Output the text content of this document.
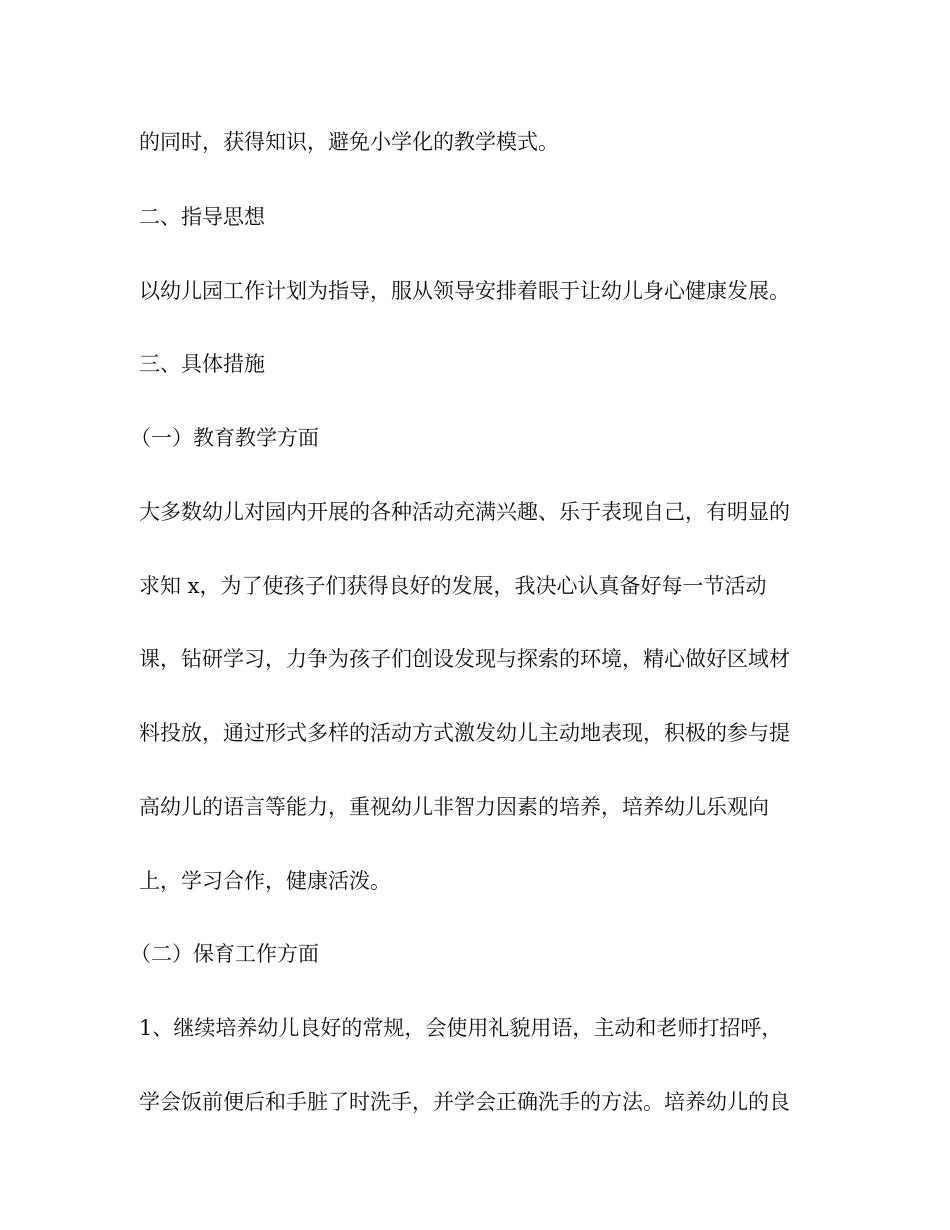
的同时，获得知识，避免小学化的教学模式。

二、指导思想

以幼儿园工作计划为指导，服从领导安排着眼于让幼儿身心健康发展。

三、具体措施

（一）教育教学方面

大多数幼儿对园内开展的各种活动充满兴趣、乐于表现自己，有明显的

求知 x，为了使孩子们获得良好的发展，我决心认真备好每一节活动

课，钻研学习，力争为孩子们创设发现与探索的环境，精心做好区域材

料投放，通过形式多样的活动方式激发幼儿主动地表现，积极的参与提

高幼儿的语言等能力，重视幼儿非智力因素的培养，培养幼儿乐观向

上，学习合作，健康活泼。

（二）保育工作方面

1、继续培养幼儿良好的常规，会使用礼貌用语，主动和老师打招呼，

学会饭前便后和手脏了时洗手，并学会正确洗手的方法。培养幼儿的良
